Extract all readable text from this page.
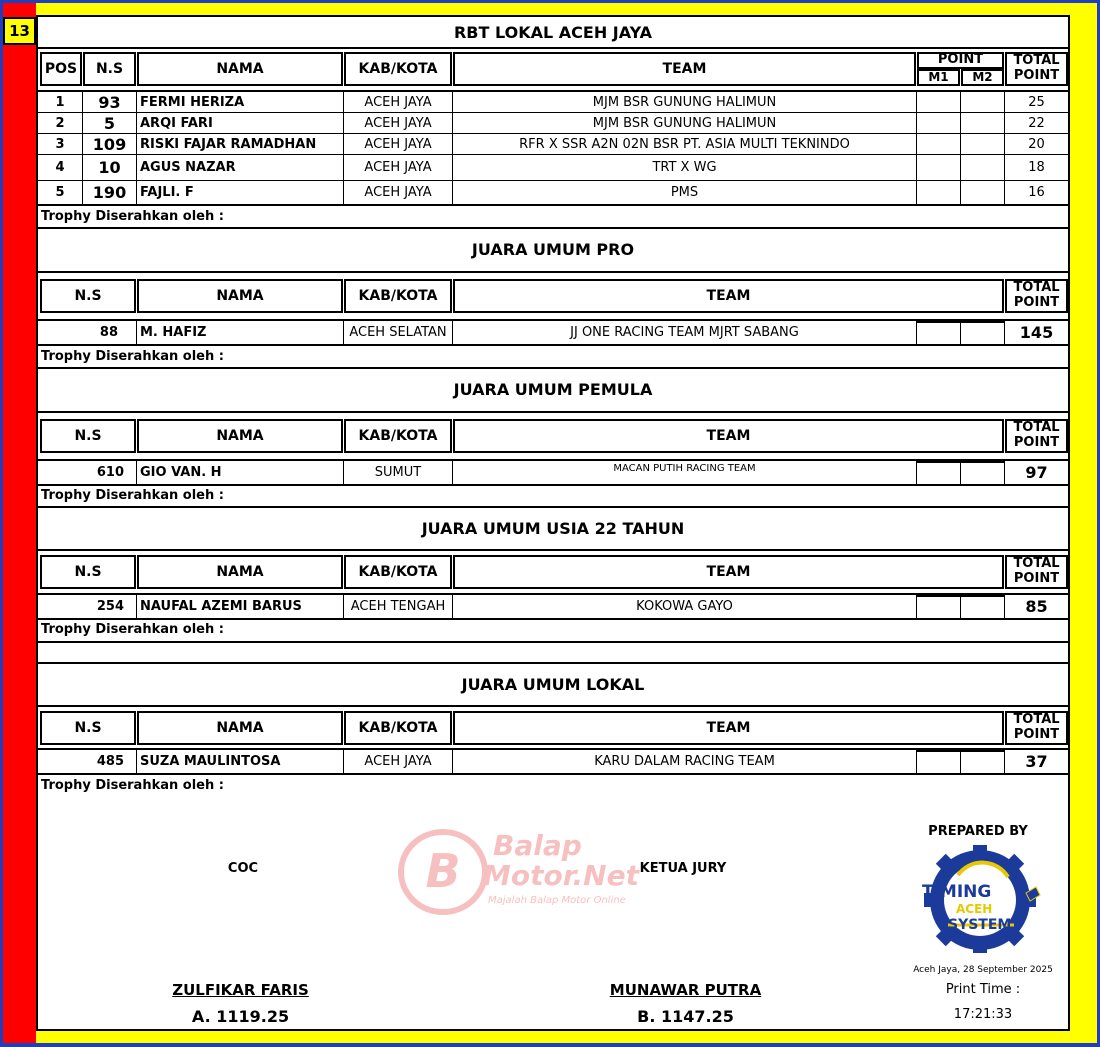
13	RBT LOKAL ACEH JAYA
POS	N.S	NAMA	KAB/KOTA	TEAM
POINT
M1	M2
TOTAL POINT
1	93	FERMI HERIZA	ACEH JAYA	MJM BSR GUNUNG HALIMUN	25
2	5	ARQI FARI	ACEH JAYA	MJM BSR GUNUNG HALIMUN	22
3	109	RISKI FAJAR RAMADHAN	ACEH JAYA	RFR X SSR A2N 02N BSR PT. ASIA MULTI TEKNINDO	20
4	10	AGUS NAZAR	ACEH JAYA	TRT X WG	18
5	190	FAJLI. F	ACEH JAYA	PMS	16
Trophy Diserahkan oleh :
JUARA UMUM PRO
N.S	NAMA	KAB/KOTA	TEAM
TOTAL POINT
88	M. HAFIZ	ACEH SELATAN	JJ ONE RACING TEAM MJRT SABANG	145
Trophy Diserahkan oleh :
JUARA UMUM PEMULA
N.S	NAMA	KAB/KOTA	TEAM
TOTAL POINT
610	GIO VAN. H	SUMUT	MACAN PUTIH RACING TEAM	97
Trophy Diserahkan oleh :
JUARA UMUM USIA 22 TAHUN
N.S	NAMA	KAB/KOTA	TEAM
TOTAL POINT
254	NAUFAL AZEMI BARUS	ACEH TENGAH	KOKOWA GAYO	85
Trophy Diserahkan oleh :
JUARA UMUM LOKAL
N.S	NAMA	KAB/KOTA	TEAM
TOTAL POINT
485	SUZA MAULINTOSA	ACEH JAYA	KARU DALAM RACING TEAM	37
Trophy Diserahkan oleh :
B Balap
Motor.Net
Majalah Balap Motor Online
COC	KETUA JURY
ZULFIKAR FARIS
A. 1119.25
MUNAWAR PUTRA
B. 1147.25
PREPARED BY
TIMING
ACEH
SYSTEM
Aceh Jaya, 28 September 2025
Print Time :
17:21:33
